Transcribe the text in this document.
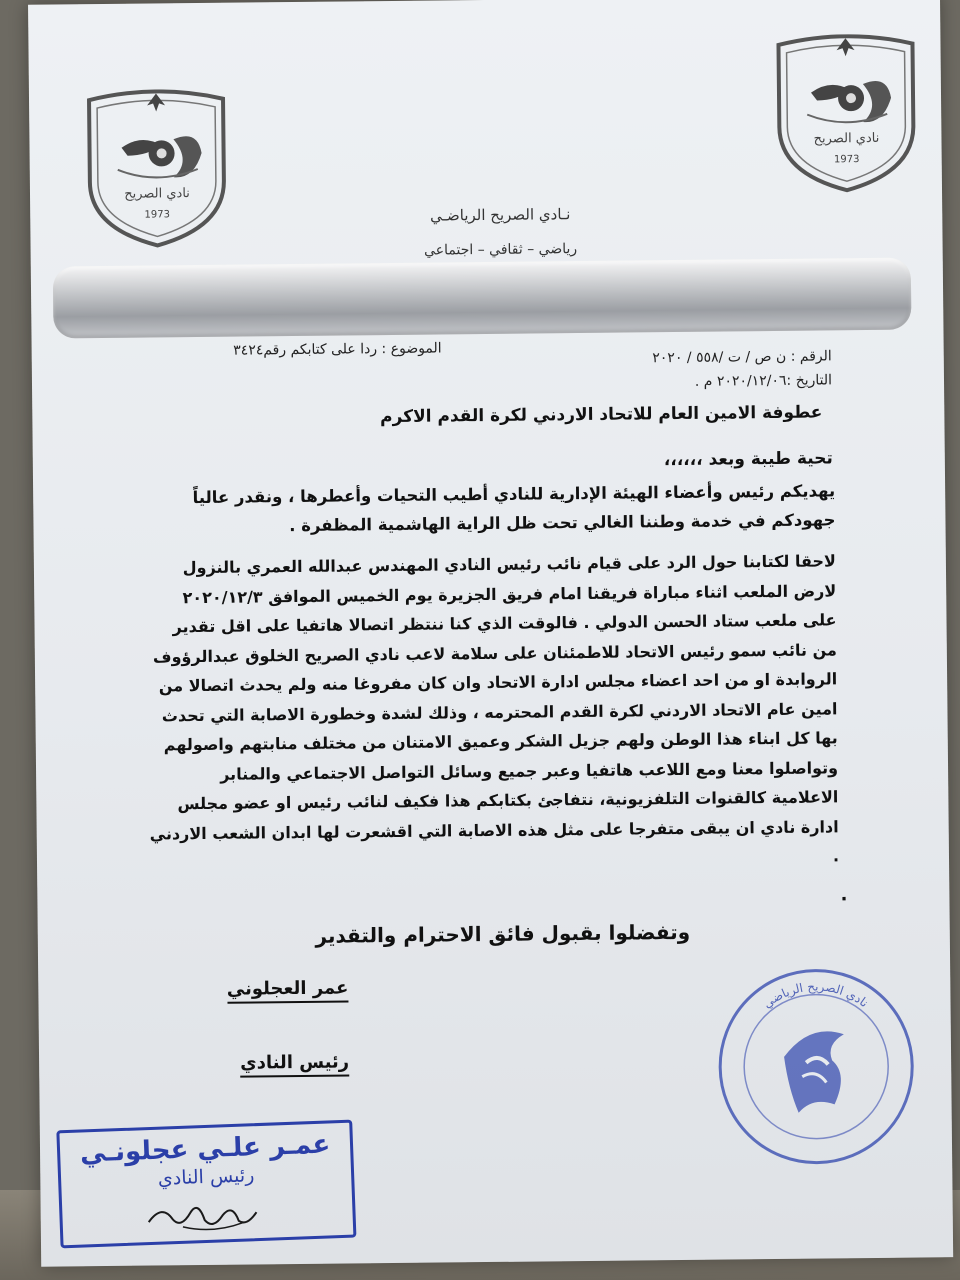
نادي الصريح
1973
نادي الصريح
1973
نـادي الصريح الرياضـي
رياضي – ثقافي – اجتماعي
الموضوع : ردا على كتابكم رقم٣٤٢٤	الرقم : ن ص / ت /٥٥٨ / ٢٠٢٠
التاريخ :٢٠٢٠/١٢/٠٦ م .
عطوفة الامين العام للاتحاد الاردني لكرة القدم الاكرم
تحية طيبة وبعد ،،،،،،
يهديكم رئيس وأعضاء الهيئة الإدارية للنادي أطيب التحيات وأعطرها ، ونقدر عالياً جهودكم في خدمة وطننا الغالي تحت ظل الراية الهاشمية المظفرة .
لاحقا لكتابنا حول الرد على قيام نائب رئيس النادي المهندس عبدالله العمري بالنزول لارض الملعب اثناء مباراة فريقنا امام فريق الجزيرة يوم الخميس الموافق ٢٠٢٠/١٢/٣ على ملعب ستاد الحسن الدولي . فالوقت الذي كنا ننتظر اتصالا هاتفيا على اقل تقدير من نائب سمو رئيس الاتحاد للاطمئنان على سلامة لاعب نادي الصريح الخلوق عبدالرؤوف الروابدة او من احد اعضاء مجلس ادارة الاتحاد وان كان مفروغا منه ولم يحدث اتصالا من امين عام الاتحاد الاردني لكرة القدم المحترمه ، وذلك لشدة وخطورة الاصابة التي تحدث بها كل ابناء هذا الوطن ولهم جزيل الشكر وعميق الامتنان من مختلف منابتهم واصولهم وتواصلوا معنا ومع اللاعب هاتفيا وعبر جميع وسائل التواصل الاجتماعي والمنابر الاعلامية كالقنوات التلفزيونية، نتفاجئ بكتابكم هذا فكيف لنائب رئيس او عضو مجلس ادارة نادي ان يبقى متفرجا على مثل هذه الاصابة التي اقشعرت لها ابدان الشعب الاردني .
.
وتفضلوا بقبول فائق الاحترام والتقدير
عمر العجلوني
رئيس النادي
نادي الصريح الرياضي
عمـر علـي عجلونـي
رئيس النادي
